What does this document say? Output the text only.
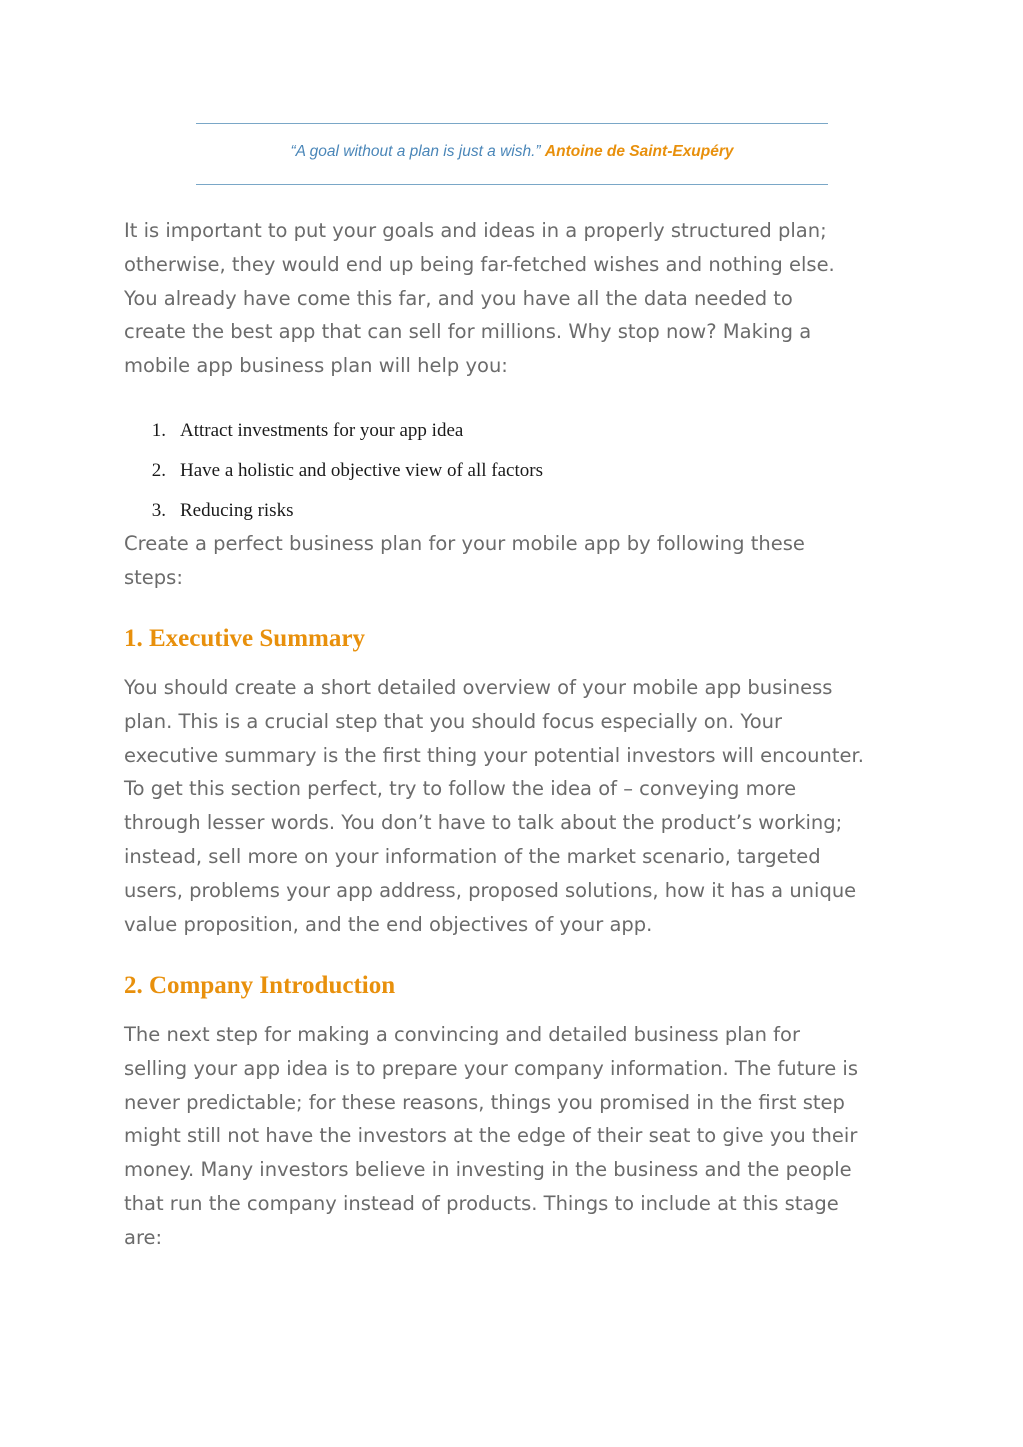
“A goal without a plan is just a wish.” Antoine de Saint-Exupéry

It is important to put your goals and ideas in a properly structured plan;
otherwise, they would end up being far-fetched wishes and nothing else.
You already have come this far, and you have all the data needed to
create the best app that can sell for millions. Why stop now? Making a
mobile app business plan will help you:

1. Attract investments for your app idea
2. Have a holistic and objective view of all factors
3. Reducing risks

Create a perfect business plan for your mobile app by following these
steps:

1. Executive Summary

You should create a short detailed overview of your mobile app business
plan. This is a crucial step that you should focus especially on. Your
executive summary is the first thing your potential investors will encounter.
To get this section perfect, try to follow the idea of – conveying more
through lesser words. You don’t have to talk about the product’s working;
instead, sell more on your information of the market scenario, targeted
users, problems your app address, proposed solutions, how it has a unique
value proposition, and the end objectives of your app.

2. Company Introduction

The next step for making a convincing and detailed business plan for
selling your app idea is to prepare your company information. The future is
never predictable; for these reasons, things you promised in the first step
might still not have the investors at the edge of their seat to give you their
money. Many investors believe in investing in the business and the people
that run the company instead of products. Things to include at this stage
are:
